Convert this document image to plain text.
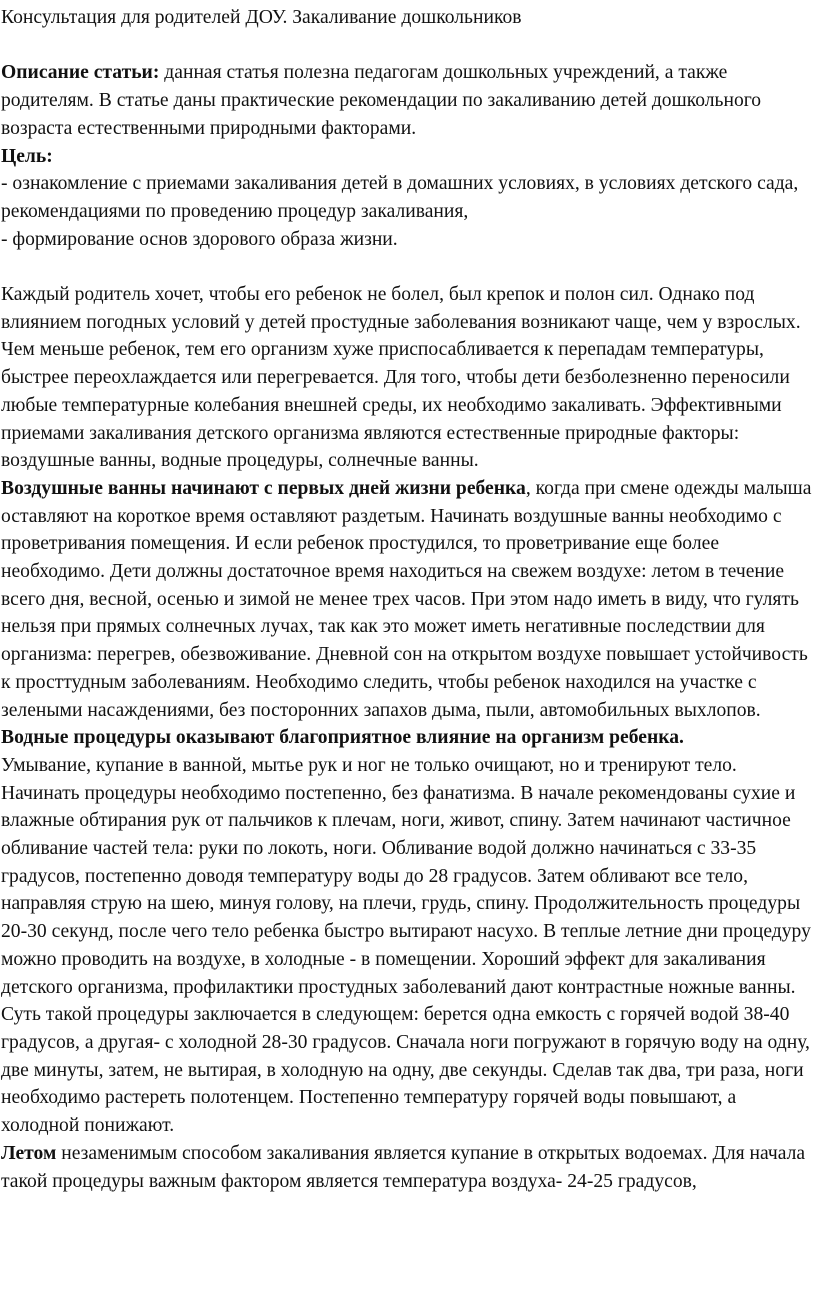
Консультация для родителей ДОУ. Закаливание дошкольников

Описание статьи: данная статья полезна педагогам дошкольных учреждений, а также родителям. В статье даны практические рекомендации по закаливанию детей дошкольного возраста естественными природными факторами.

Цель:

- ознакомление с приемами закаливания детей в домашних условиях, в условиях детского сада, рекомендациями по проведению процедур закаливания,

- формирование основ здорового образа жизни.

Каждый родитель хочет, чтобы его ребенок не болел, был крепок и полон сил. Однако под влиянием погодных условий у детей простудные заболевания возникают чаще, чем у взрослых. Чем меньше ребенок, тем его организм хуже приспосабливается к перепадам температуры, быстрее переохлаждается или перегревается. Для того, чтобы дети безболезненно переносили любые температурные колебания внешней среды, их необходимо закаливать. Эффективными приемами закаливания детского организма являются естественные природные факторы: воздушные ванны, водные процедуры, солнечные ванны.

Воздушные ванны начинают с первых дней жизни ребенка, когда при смене одежды малыша оставляют на короткое время оставляют раздетым. Начинать воздушные ванны необходимо с проветривания помещения. И если ребенок простудился, то проветривание еще более необходимо. Дети должны достаточное время находиться на свежем воздухе: летом в течение всего дня, весной, осенью и зимой не менее трех часов. При этом надо иметь в виду, что гулять нельзя при прямых солнечных лучах, так как это может иметь негативные последствии для организма: перегрев, обезвоживание. Дневной сон на открытом воздухе повышает устойчивость к просттудным заболеваниям. Необходимо следить, чтобы ребенок находился на участке с зелеными насаждениями, без посторонних запахов дыма, пыли, автомобильных выхлопов.

Водные процедуры оказывают благоприятное влияние на организм ребенка.

Умывание, купание в ванной, мытье рук и ног не только очищают, но и тренируют тело. Начинать процедуры необходимо постепенно, без фанатизма. В начале рекомендованы сухие и влажные обтирания рук от пальчиков к плечам, ноги, живот, спину. Затем начинают частичное обливание частей тела: руки по локоть, ноги. Обливание водой должно начинаться с 33-35 градусов, постепенно доводя температуру воды до 28 градусов. Затем обливают все тело, направляя струю на шею, минуя голову, на плечи, грудь, спину. Продолжительность процедуры 20-30 секунд, после чего тело ребенка быстро вытирают насухо. В теплые летние дни процедуру можно проводить на воздухе, в холодные - в помещении. Хороший эффект для закаливания детского организма, профилактики простудных заболеваний дают контрастные ножные ванны. Суть такой процедуры заключается в следующем: берется одна емкость с горячей водой 38-40 градусов, а другая- с холодной 28-30 градусов. Сначала ноги погружают в горячую воду на одну, две минуты, затем, не вытирая, в холодную на одну, две секунды. Сделав так два, три раза, ноги необходимо растереть полотенцем. Постепенно температуру горячей воды повышают, а холодной понижают.

Летом незаменимым способом закаливания является купание в открытых водоемах. Для начала такой процедуры важным фактором является температура воздуха- 24-25 градусов,
